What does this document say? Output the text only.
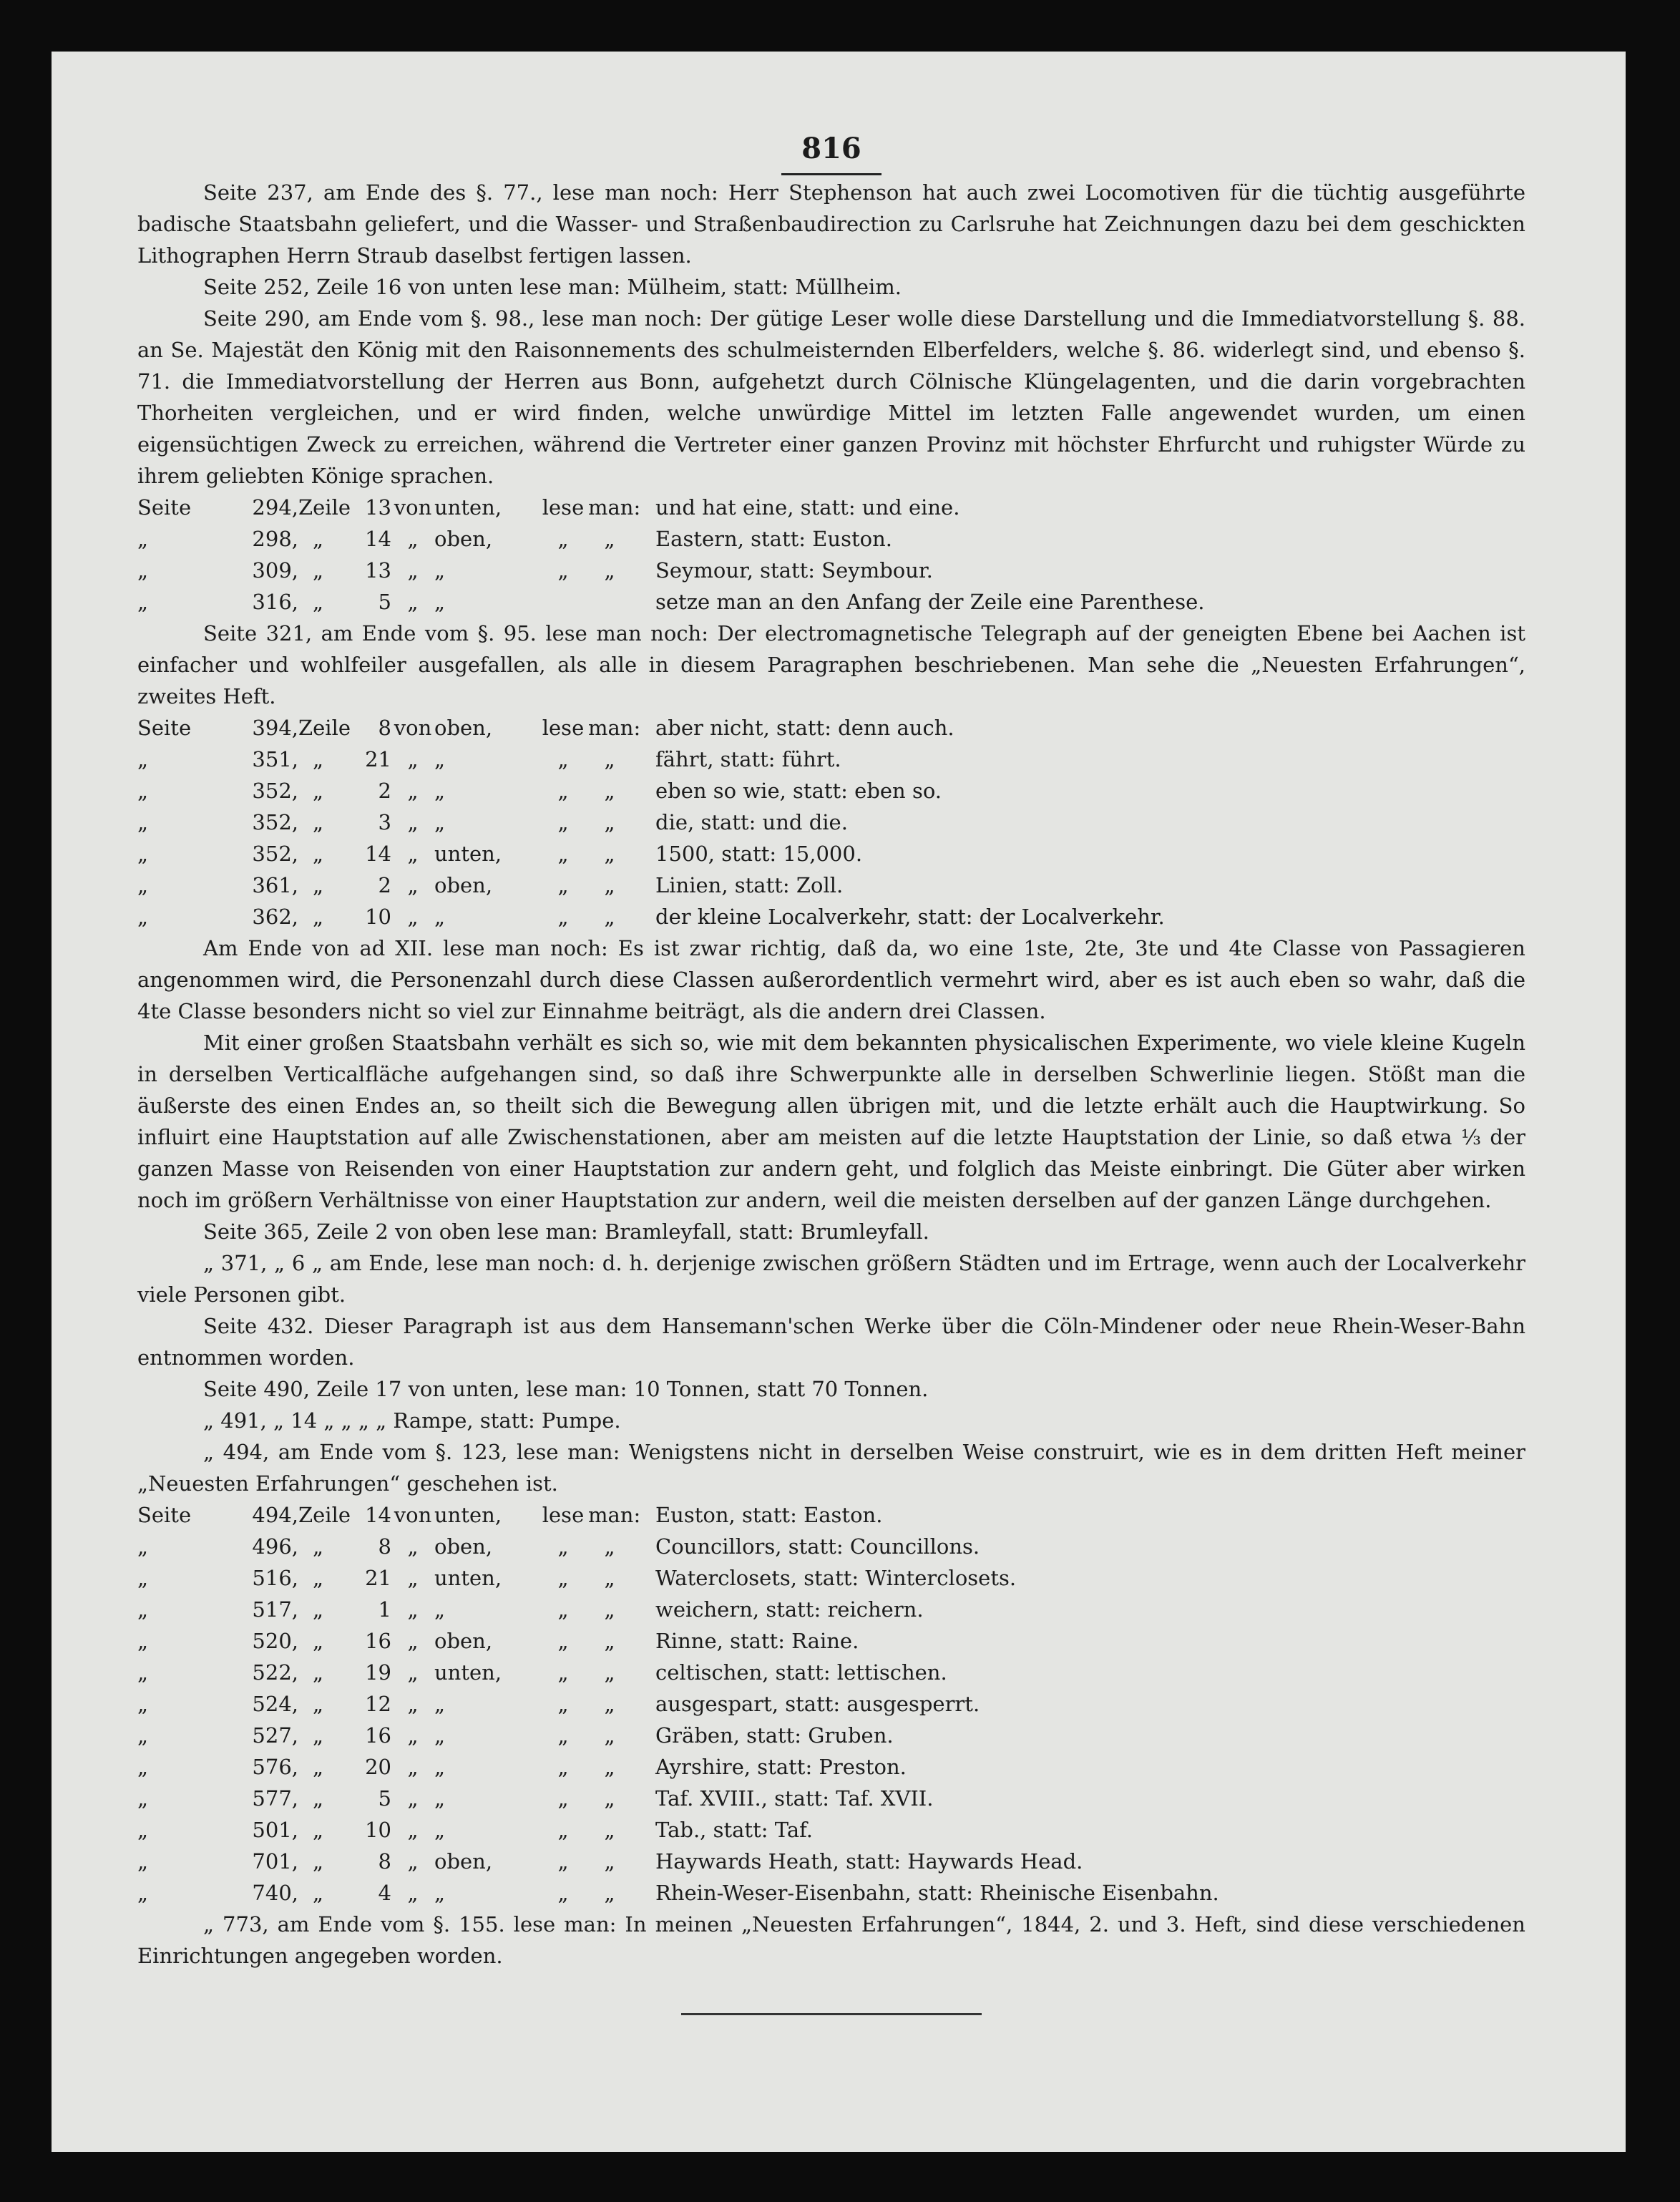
816

Seite 237, am Ende des §. 77., lese man noch: Herr Stephenson hat auch zwei Locomotiven für die tüchtig ausgeführte badische Staatsbahn geliefert, und die Wasser- und Straßenbaudirection zu Carlsruhe hat Zeichnungen dazu bei dem geschickten Lithographen Herrn Straub daselbst fertigen lassen.

Seite 252, Zeile 16 von unten lese man: Mülheim, statt: Müllheim.

Seite 290, am Ende vom §. 98., lese man noch: Der gütige Leser wolle diese Darstellung und die Immediatvorstellung §. 88. an Se. Majestät den König mit den Raisonnements des schulmeisternden Elberfelders, welche §. 86. widerlegt sind, und ebenso §. 71. die Immediatvorstellung der Herren aus Bonn, aufgehetzt durch Cölnische Klüngelagenten, und die darin vorgebrachten Thorheiten vergleichen, und er wird finden, welche unwürdige Mittel im letzten Falle angewendet wurden, um einen eigensüchtigen Zweck zu erreichen, während die Vertreter einer ganzen Provinz mit höchster Ehrfurcht und ruhigster Würde zu ihrem geliebten Könige sprachen.

Seite	294, Zeile 13 von unten,	lese man: und hat eine, statt: und eine.
„	298, „	14 „ oben,	„	„	Eastern, statt: Euston.
„	309, „	13 „ „	„	„	Seymour, statt: Seymbour.
„	316, „	5 „ „	setze man an den Anfang der Zeile eine Parenthese.

Seite 321, am Ende vom §. 95. lese man noch: Der electromagnetische Telegraph auf der geneigten Ebene bei Aachen ist einfacher und wohlfeiler ausgefallen, als alle in diesem Paragraphen beschriebenen. Man sehe die „Neuesten Erfahrungen“, zweites Heft.

Seite	394, Zeile	8 von oben,	lese man: aber nicht, statt: denn auch.
„	351, „	21 „ „	„	„	fährt, statt: führt.
„	352, „	2 „ „	„	„	eben so wie, statt: eben so.
„	352, „	3 „ „	„	„	die, statt: und die.
„	352, „	14 „ unten,	„	„	1500, statt: 15,000.
„	361, „	2 „ oben,	„	„	Linien, statt: Zoll.
„	362, „	10 „ „	„	„	der kleine Localverkehr, statt: der Localverkehr.

Am Ende von ad XII. lese man noch: Es ist zwar richtig, daß da, wo eine 1ste, 2te, 3te und 4te Classe von Passagieren angenommen wird, die Personenzahl durch diese Classen außerordentlich vermehrt wird, aber es ist auch eben so wahr, daß die 4te Classe besonders nicht so viel zur Einnahme beiträgt, als die andern drei Classen.

Mit einer großen Staatsbahn verhält es sich so, wie mit dem bekannten physicalischen Experimente, wo viele kleine Kugeln in derselben Verticalfläche aufgehangen sind, so daß ihre Schwerpunkte alle in derselben Schwerlinie liegen. Stößt man die äußerste des einen Endes an, so theilt sich die Bewegung allen übrigen mit, und die letzte erhält auch die Hauptwirkung. So influirt eine Hauptstation auf alle Zwischenstationen, aber am meisten auf die letzte Hauptstation der Linie, so daß etwa ⅓ der ganzen Masse von Reisenden von einer Hauptstation zur andern geht, und folglich das Meiste einbringt. Die Güter aber wirken noch im größern Verhältnisse von einer Hauptstation zur andern, weil die meisten derselben auf der ganzen Länge durchgehen.

Seite 365, Zeile 2 von oben lese man: Bramleyfall, statt: Brumleyfall.

„ 371, „ 6 „ am Ende, lese man noch: d. h. derjenige zwischen größern Städten und im Ertrage, wenn auch der Localverkehr viele Personen gibt.

Seite 432. Dieser Paragraph ist aus dem Hansemann'schen Werke über die Cöln-Mindener oder neue Rhein-Weser-Bahn entnommen worden.

Seite 490, Zeile 17 von unten, lese man: 10 Tonnen, statt 70 Tonnen.

„ 491, „ 14 „ „ „ „ Rampe, statt: Pumpe.

„ 494, am Ende vom §. 123, lese man: Wenigstens nicht in derselben Weise construirt, wie es in dem dritten Heft meiner „Neuesten Erfahrungen“ geschehen ist.

Seite	494, Zeile 14 von unten,	lese man: Euston, statt: Easton.
„	496, „	8 „ oben,	„	„	Councillors, statt: Councillons.
„	516, „	21 „ unten,	„	„	Waterclosets, statt: Winterclosets.
„	517, „	1 „ „	„	„	weichern, statt: reichern.
„	520, „	16 „ oben,	„	„	Rinne, statt: Raine.
„	522, „	19 „ unten,	„	„	celtischen, statt: lettischen.
„	524, „	12 „ „	„	„	ausgespart, statt: ausgesperrt.
„	527, „	16 „ „	„	„	Gräben, statt: Gruben.
„	576, „	20 „ „	„	„	Ayrshire, statt: Preston.
„	577, „	5 „ „	„	„	Taf. XVIII., statt: Taf. XVII.
„	501, „	10 „ „	„	„	Tab., statt: Taf.
„	701, „	8 „ oben,	„	„	Haywards Heath, statt: Haywards Head.
„	740, „	4 „ „	„	„	Rhein-Weser-Eisenbahn, statt: Rheinische Eisenbahn.

„ 773, am Ende vom §. 155. lese man: In meinen „Neuesten Erfahrungen“, 1844, 2. und 3. Heft, sind diese verschiedenen Einrichtungen angegeben worden.
